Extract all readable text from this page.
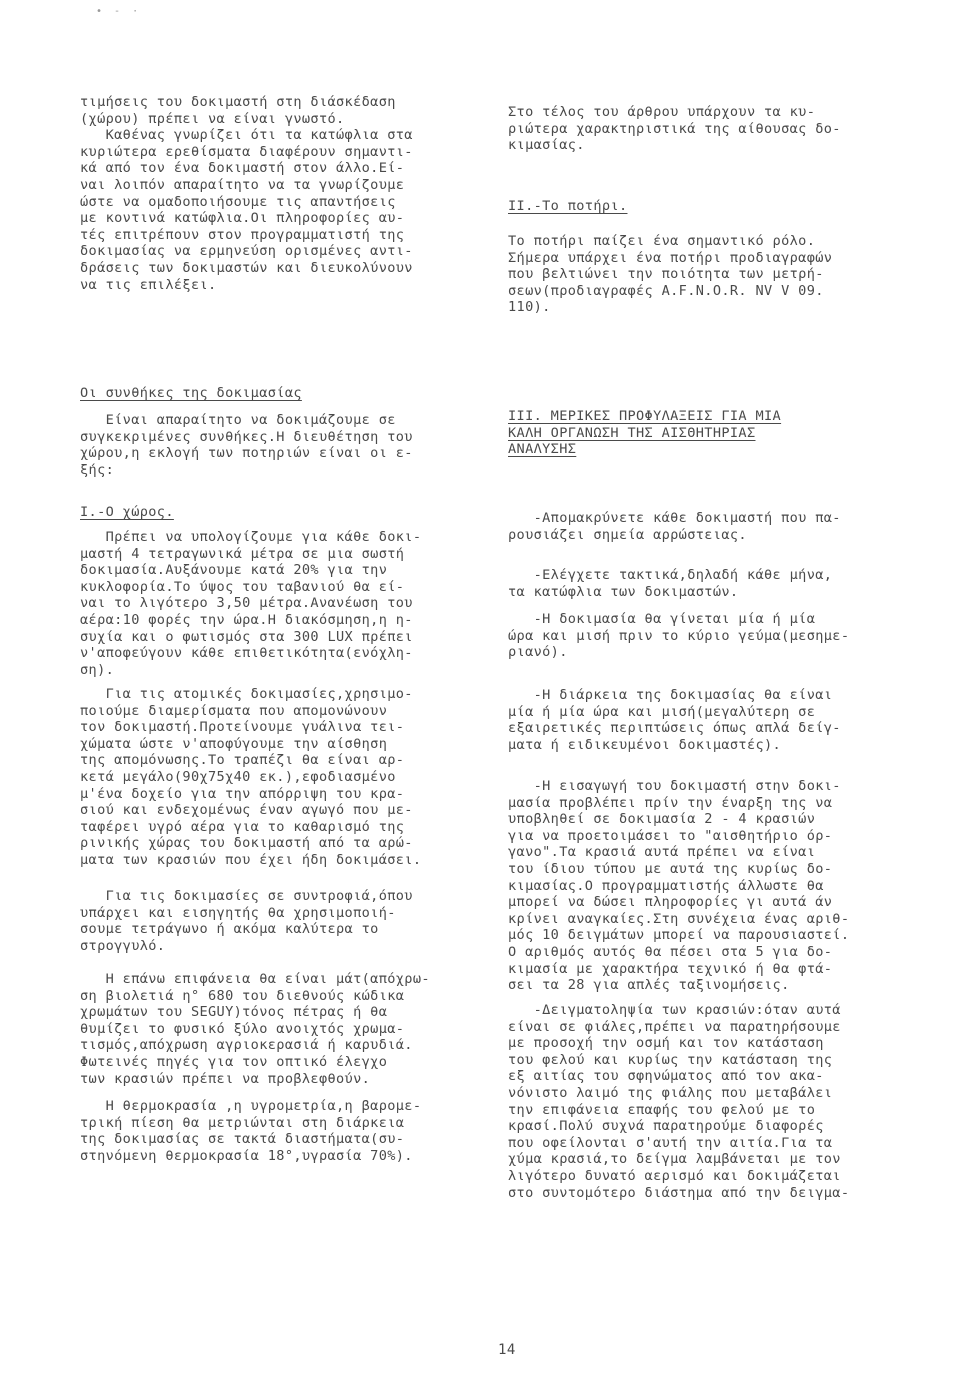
• - ·
τιμήσεις του δοκιμαστή στη διάσκέδαση
(χώρου) πρέπει να είναι γνωστό.
Καθένας γνωρίζει ότι τα κατώφλια στα
κυριώτερα ερεθίσματα διαφέρουν σημαντι-
κά από τον ένα δοκιμαστή στον άλλο.Εί-
ναι λοιπόν απαραίτητο να τα γνωρίζουμε
ώστε να ομαδοποιήσουμε τις απαντήσεις
με κοντινά κατώφλια.Οι πληροφορίες αυ-
τές επιτρέπουν στον προγραμματιστή της
δοκιμασίας να ερμηνεύση ορισμένες αντι-
δράσεις των δοκιμαστών και διευκολύνουν
να τις επιλέξει.
Οι συνθήκες της δοκιμασίας
Είναι απαραίτητο να δοκιμάζουμε σε
συγκεκριμένες συνθήκες.Η διευθέτηση του
χώρου,η εκλογή των ποτηριών είναι οι ε-
ξής:
Ι.-Ο χώρος.
Πρέπει να υπολογίζουμε για κάθε δοκι-
μαστή 4 τετραγωνικά μέτρα σε μια σωστή
δοκιμασία.Αυξάνουμε κατά 20% για την
κυκλοφορία.Το ύψος του ταβανιού θα εί-
ναι το λιγότερο 3,50 μέτρα.Ανανέωση του
αέρα:10 φορές την ώρα.Η διακόσμηση,η η-
συχία και ο φωτισμός στα 300 LUX πρέπει
ν'αποφεύγουν κάθε επιθετικότητα(ενόχλη-
ση).
Για τις ατομικές δοκιμασίες,χρησιμο-
ποιούμε διαμερίσματα που απομονώνουν
τον δοκιμαστή.Προτείνουμε γυάλινα τει-
χώματα ώστε ν'αποφύγουμε την αίσθηση
της απομόνωσης.Το τραπέζι θα είναι αρ-
κετά μεγάλο(90χ75χ40 εκ.),εφοδιασμένο
μ'ένα δοχείο για την απόρριψη του κρα-
σιού και ενδεχομένως έναν αγωγό που με-
ταφέρει υγρό αέρα για το καθαρισμό της
ρινικής χώρας του δοκιμαστή από τα αρώ-
ματα των κρασιών που έχει ήδη δοκιμάσει.
Για τις δοκιμασίες σε συντροφιά,όπου
υπάρχει και εισηγητής θα χρησιμοποιή-
σουμε τετράγωνο ή ακόμα καλύτερα το
στρογγυλό.
Η επάνω επιφάνεια θα είναι μάτ(απόχρω-
ση βιολετιά η° 680 του διεθνούς κώδικα
χρωμάτων του SEGUY)τόνος πέτρας ή θα
θυμίζει το φυσικό ξύλο ανοιχτός χρωμα-
τισμός,απόχρωση αγριοκερασιά ή καρυδιά.
Φωτεινές πηγές για τον οπτικό έλεγχο
των κρασιών πρέπει να προβλεφθούν.
Η θερμοκρασία ,η υγρομετρία,η βαρομε-
τρική πίεση θα μετριώνται στη διάρκεια
της δοκιμασίας σε τακτά διαστήματα(συ-
στηνόμενη θερμοκρασία 18°,υγρασία 70%).
Στο τέλος του άρθρου υπάρχουν τα κυ-
ριώτερα χαρακτηριστικά της αίθουσας δο-
κιμασίας.
ΙΙ.-Το ποτήρι.
Το ποτήρι παίζει ένα σημαντικό ρόλο.
Σήμερα υπάρχει ένα ποτήρι προδιαγραφών
που βελτιώνει την ποιότητα των μετρή-
σεων(προδιαγραφές A.F.N.O.R. NV V 09.
110).
ΙΙΙ. ΜΕΡΙΚΕΣ ΠΡΟΦΥΛΑΞΕΙΣ ΓΙΑ ΜΙΑ
ΚΑΛΗ ΟΡΓΑΝΩΣΗ ΤΗΣ ΑΙΣΘΗΤΗΡΙΑΣ
ΑΝΑΛΥΣΗΣ
-Απομακρύνετε κάθε δοκιμαστή που πα-
ρουσιάζει σημεία αρρώστειας.
-Ελέγχετε τακτικά,δηλαδή κάθε μήνα,
τα κατώφλια των δοκιμαστών.
-Η δοκιμασία θα γίνεται μία ή μία
ώρα και μισή πριν το κύριο γεύμα(μεσημε-
ριανό).
-Η διάρκεια της δοκιμασίας θα είναι
μία ή μία ώρα και μισή(μεγαλύτερη σε
εξαιρετικές περιπτώσεις όπως απλά δείγ-
ματα ή ειδικευμένοι δοκιμαστές).
-Η εισαγωγή του δοκιμαστή στην δοκι-
μασία προβλέπει πρίν την έναρξη της να
υποβληθεί σε δοκιμασία 2 - 4 κρασιών
για να προετοιμάσει το "αισθητήριο όρ-
γανο".Τα κρασιά αυτά πρέπει να είναι
του ίδιου τύπου με αυτά της κυρίως δο-
κιμασίας.Ο προγραμματιστής άλλωστε θα
μπορεί να δώσει πληροφορίες γι αυτά άν
κρίνει αναγκαίες.Στη συνέχεια ένας αριθ-
μός 10 δειγμάτων μπορεί να παρουσιαστεί.
Ο αριθμός αυτός θα πέσει στα 5 για δο-
κιμασία με χαρακτήρα τεχνικό ή θα φτά-
σει τα 28 για απλές ταξινομήσεις.
-Δειγματοληψία των κρασιών:όταν αυτά
είναι σε φιάλες,πρέπει να παρατηρήσουμε
με προσοχή την οσμή και τον κατάσταση
του φελού και κυρίως την κατάσταση της
εξ αιτίας του σφηνώματος από τον ακα-
νόνιστο λαιμό της φιάλης που μεταβάλει
την επιφάνεια επαφής του φελού με το
κρασί.Πολύ συχνά παρατηρούμε διαφορές
που οφείλονται σ'αυτή την αιτία.Για τα
χύμα κρασιά,το δείγμα λαμβάνεται με τον
λιγότερο δυνατό αερισμό και δοκιμάζεται
στο συντομότερο διάστημα από την δειγμα-
14
